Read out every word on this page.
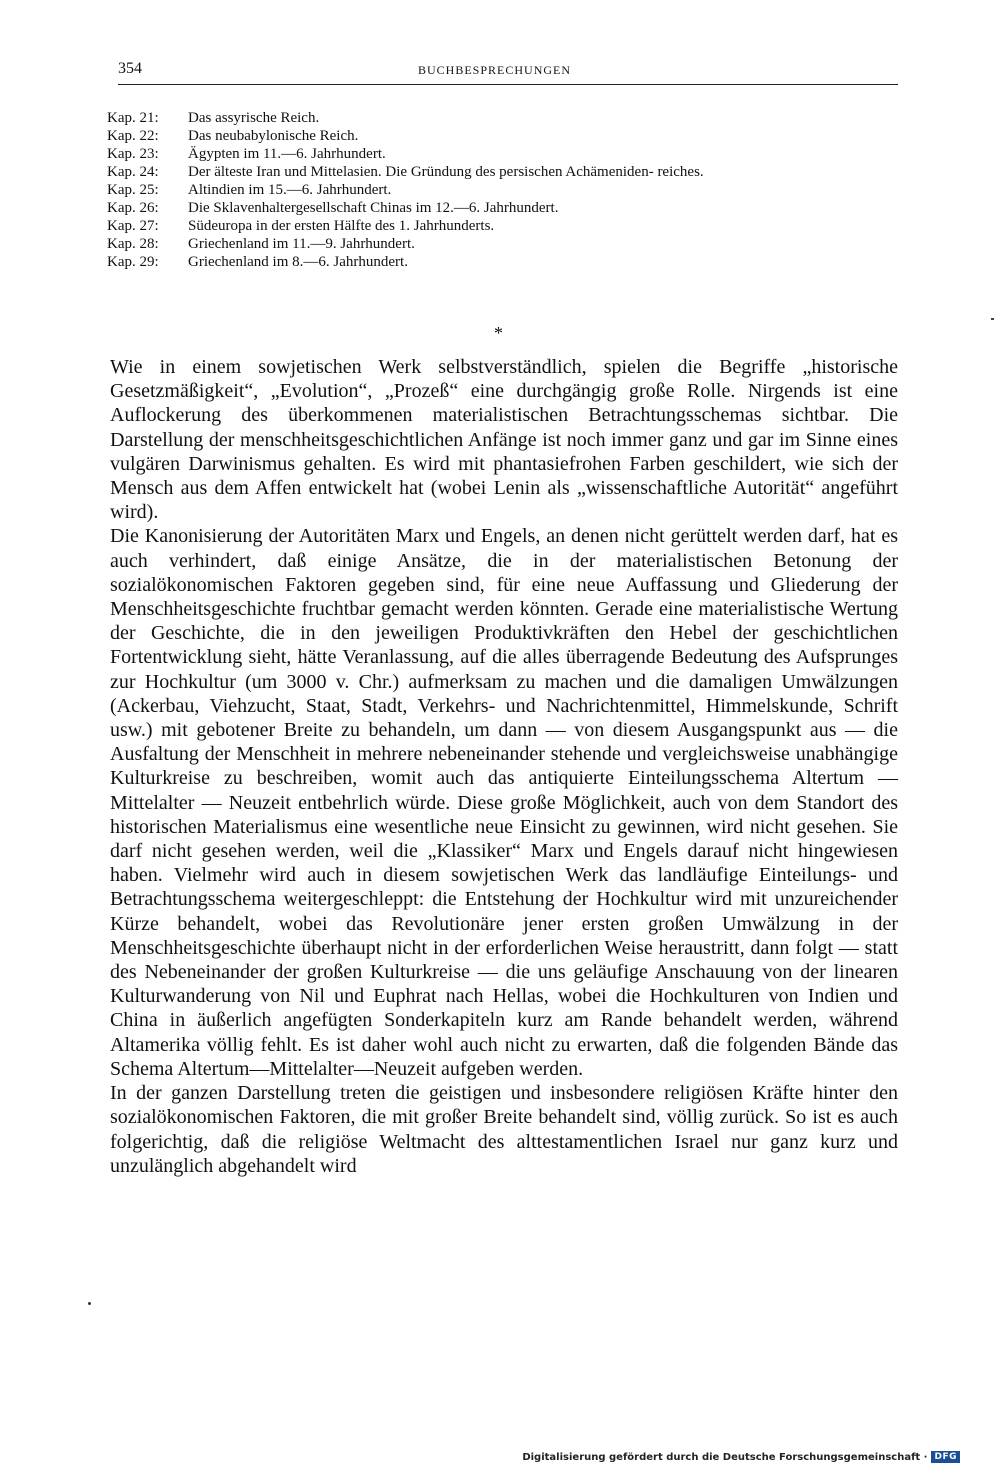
354	BUCHBESPRECHUNGEN
Kap. 21:	Das assyrische Reich.
Kap. 22:	Das neubabylonische Reich.
Kap. 23:	Ägypten im 11.—6. Jahrhundert.
Kap. 24:	Der älteste Iran und Mittelasien. Die Gründung des persischen Achämeniden- reiches.
Kap. 25:	Altindien im 15.—6. Jahrhundert.
Kap. 26:	Die Sklavenhaltergesellschaft Chinas im 12.—6. Jahrhundert.
Kap. 27:	Südeuropa in der ersten Hälfte des 1. Jahrhunderts.
Kap. 28:	Griechenland im 11.—9. Jahrhundert.
Kap. 29:	Griechenland im 8.—6. Jahrhundert.
*

Wie in einem sowjetischen Werk selbstverständlich, spielen die Begriffe „historische Gesetzmäßigkeit“, „Evolution“, „Prozeß“ eine durchgängig große Rolle. Nirgends ist eine Auflockerung des überkommenen materialistischen Betrachtungsschemas sichtbar. Die Darstellung der menschheitsgeschichtlichen Anfänge ist noch immer ganz und gar im Sinne eines vulgären Darwinismus gehalten. Es wird mit phantasiefrohen Farben geschildert, wie sich der Mensch aus dem Affen entwickelt hat (wobei Lenin als „wissenschaftliche Autorität“ angeführt wird).

Die Kanonisierung der Autoritäten Marx und Engels, an denen nicht gerüttelt werden darf, hat es auch verhindert, daß einige Ansätze, die in der materialistischen Betonung der sozialökonomischen Faktoren gegeben sind, für eine neue Auffassung und Gliederung der Menschheitsgeschichte fruchtbar gemacht werden könnten. Gerade eine materialistische Wertung der Geschichte, die in den jeweiligen Produktivkräften den Hebel der geschichtlichen Fortentwicklung sieht, hätte Veranlassung, auf die alles überragende Bedeutung des Aufsprunges zur Hochkultur (um 3000 v. Chr.) aufmerksam zu machen und die damaligen Umwälzungen (Ackerbau, Viehzucht, Staat, Stadt, Verkehrs- und Nachrichtenmittel, Himmelskunde, Schrift usw.) mit gebotener Breite zu behandeln, um dann — von diesem Ausgangspunkt aus — die Ausfaltung der Menschheit in mehrere nebeneinander stehende und vergleichsweise unabhängige Kulturkreise zu beschreiben, womit auch das antiquierte Einteilungsschema Altertum — Mittelalter — Neuzeit entbehrlich würde. Diese große Möglichkeit, auch von dem Standort des historischen Materialismus eine wesentliche neue Einsicht zu gewinnen, wird nicht gesehen. Sie darf nicht gesehen werden, weil die „Klassiker“ Marx und Engels darauf nicht hingewiesen haben. Vielmehr wird auch in diesem sowjetischen Werk das landläufige Einteilungs- und Betrachtungsschema weitergeschleppt: die Entstehung der Hochkultur wird mit unzureichender Kürze behandelt, wobei das Revolutionäre jener ersten großen Umwälzung in der Menschheitsgeschichte überhaupt nicht in der erforderlichen Weise heraustritt, dann folgt — statt des Nebeneinander der großen Kulturkreise — die uns geläufige Anschauung von der linearen Kulturwanderung von Nil und Euphrat nach Hellas, wobei die Hochkulturen von Indien und China in äußerlich angefügten Sonderkapiteln kurz am Rande behandelt werden, während Altamerika völlig fehlt. Es ist daher wohl auch nicht zu erwarten, daß die folgenden Bände das Schema Altertum—Mittelalter—Neuzeit aufgeben werden.

In der ganzen Darstellung treten die geistigen und insbesondere religiösen Kräfte hinter den sozialökonomischen Faktoren, die mit großer Breite behandelt sind, völlig zurück. So ist es auch folgerichtig, daß die religiöse Weltmacht des alttestamentlichen Israel nur ganz kurz und unzulänglich abgehandelt wird

Digitalisierung gefördert durch die Deutsche Forschungsgemeinschaft · DFG
